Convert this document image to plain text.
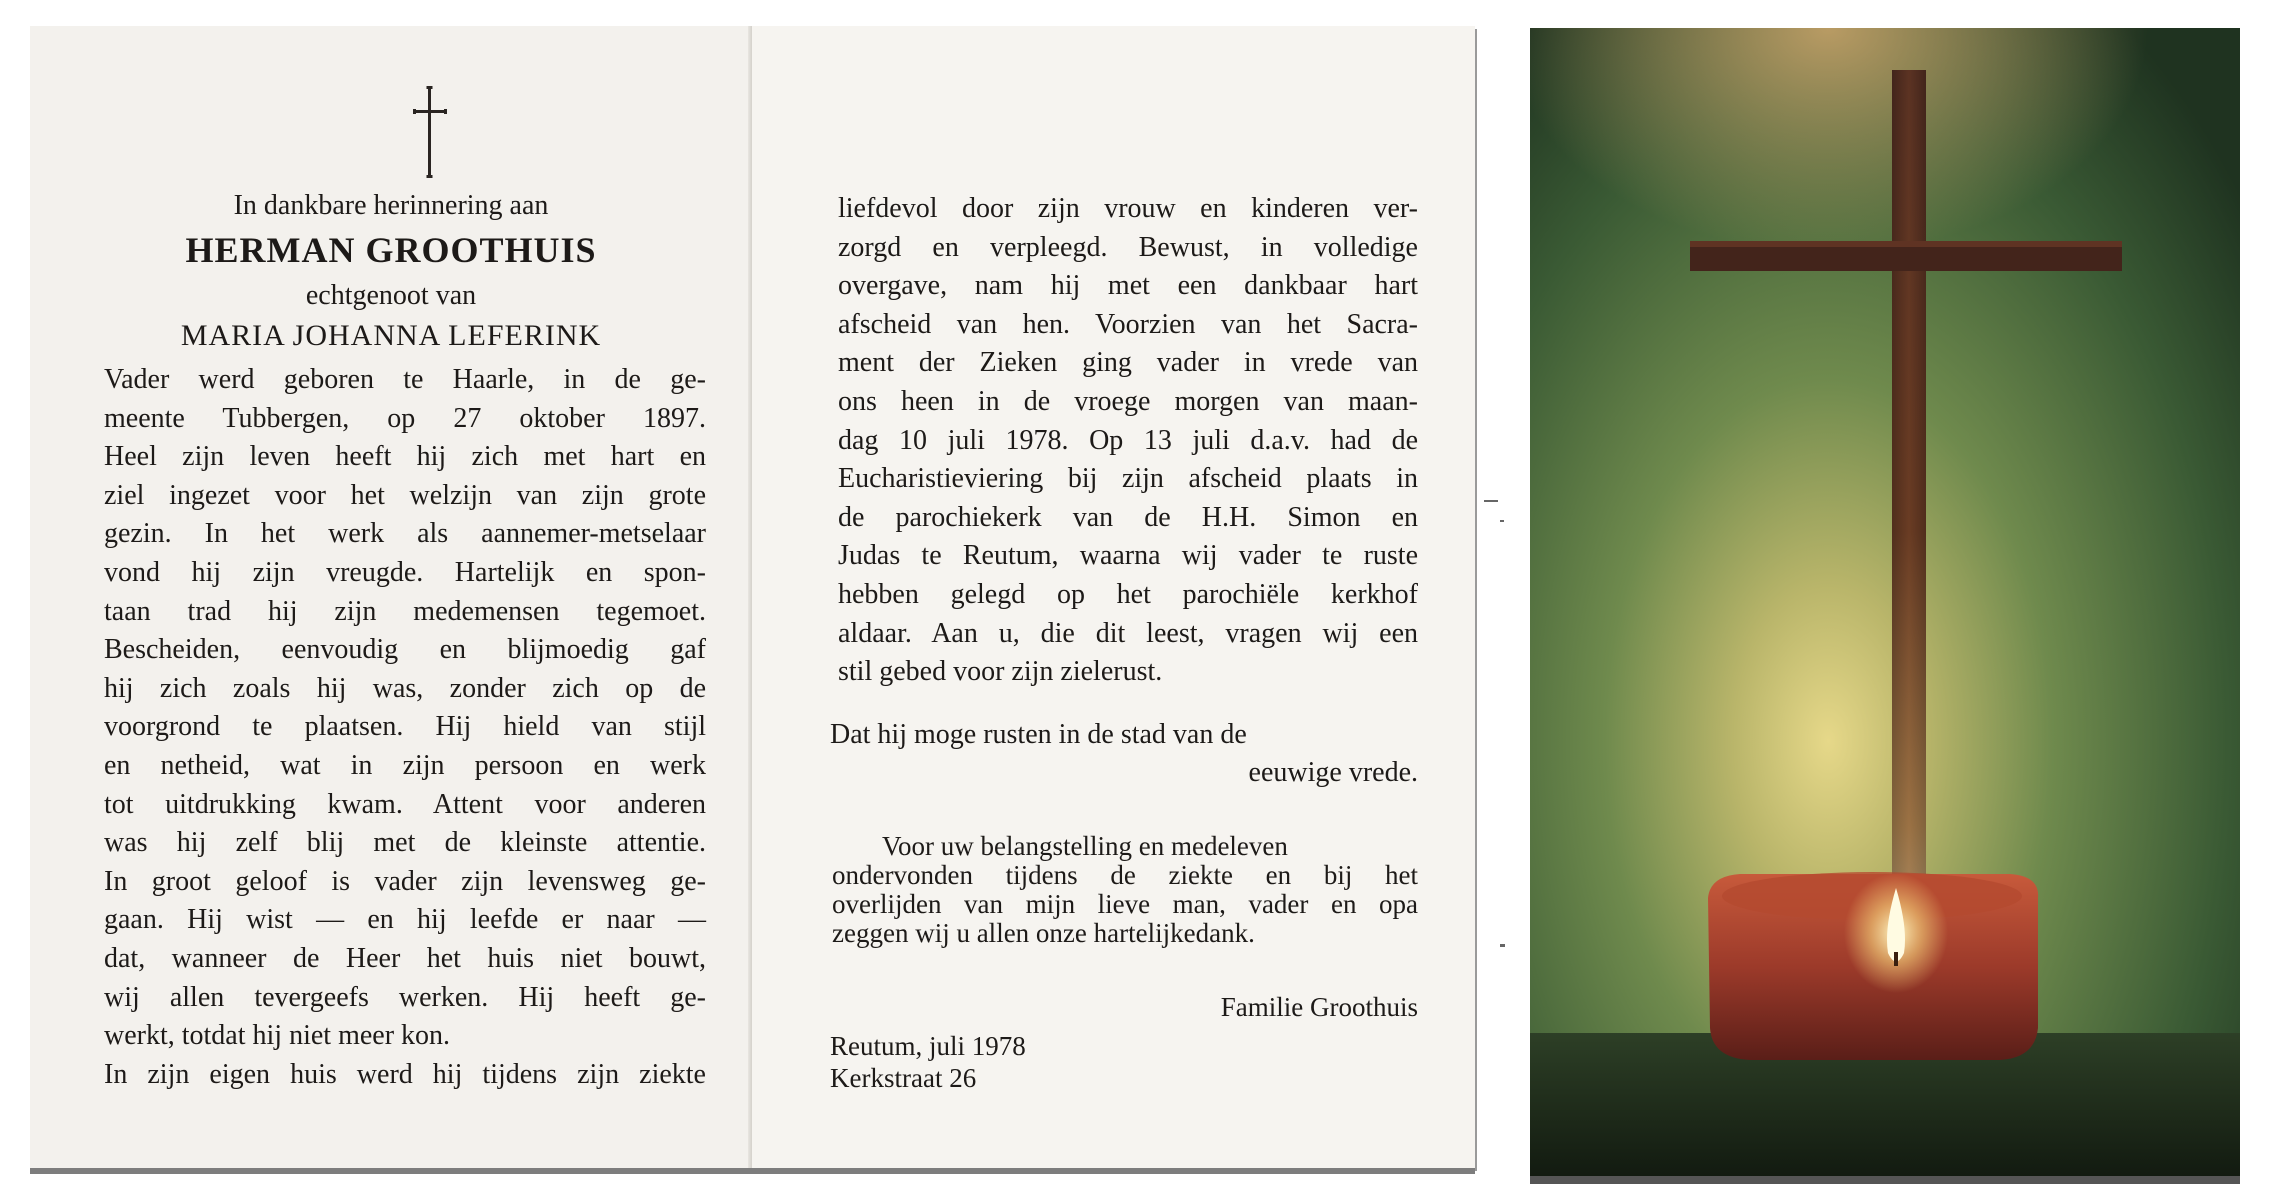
In dankbare herinnering aan
HERMAN GROOTHUIS
echtgenoot van
MARIA JOHANNA LEFERINK
Vader werd geboren te Haarle, in de ge-
meente Tubbergen, op 27 oktober 1897.
Heel zijn leven heeft hij zich met hart en
ziel ingezet voor het welzijn van zijn grote
gezin. In het werk als aannemer-metselaar
vond hij zijn vreugde. Hartelijk en spon-
taan trad hij zijn medemensen tegemoet.
Bescheiden, eenvoudig en blijmoedig gaf
hij zich zoals hij was, zonder zich op de
voorgrond te plaatsen. Hij hield van stijl
en netheid, wat in zijn persoon en werk
tot uitdrukking kwam. Attent voor anderen
was hij zelf blij met de kleinste attentie.
In groot geloof is vader zijn levensweg ge-
gaan. Hij wist — en hij leefde er naar —
dat, wanneer de Heer het huis niet bouwt,
wij allen tevergeefs werken. Hij heeft ge-
werkt, totdat hij niet meer kon.
In zijn eigen huis werd hij tijdens zijn ziekte
liefdevol door zijn vrouw en kinderen ver-
zorgd en verpleegd. Bewust, in volledige
overgave, nam hij met een dankbaar hart
afscheid van hen. Voorzien van het Sacra-
ment der Zieken ging vader in vrede van
ons heen in de vroege morgen van maan-
dag 10 juli 1978. Op 13 juli d.a.v. had de
Eucharistieviering bij zijn afscheid plaats in
de parochiekerk van de H.H. Simon en
Judas te Reutum, waarna wij vader te ruste
hebben gelegd op het parochiële kerkhof
aldaar. Aan u, die dit leest, vragen wij een
stil gebed voor zijn zielerust.
Dat hij moge rusten in de stad van de
eeuwige vrede.
Voor uw belangstelling en medeleven
ondervonden tijdens de ziekte en bij het
overlijden van mijn lieve man, vader en opa
zeggen wij u allen onze hartelijkedank.
Familie Groothuis
Reutum, juli 1978
Kerkstraat 26
